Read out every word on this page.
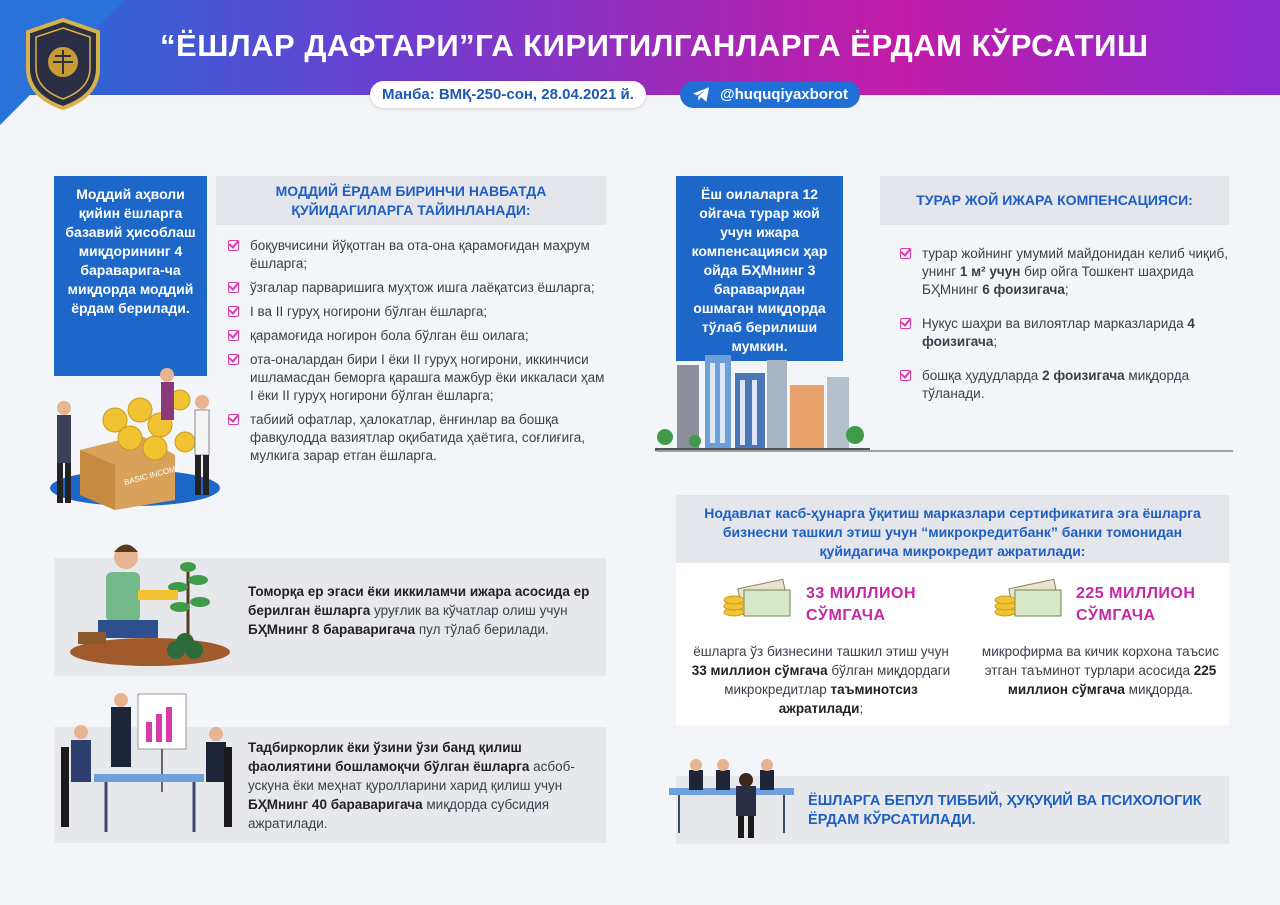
“ЁШЛАР ДАФТАРИ”ГА КИРИТИЛГАНЛАРГА ЁРДАМ КЎРСАТИШ
Манба: ВМҚ-250-сон, 28.04.2021 й.	@huquqiyaxborot
Моддий аҳволи қийин ёшларга базавий ҳисоблаш миқдорининг 4 бараварига-ча миқдорда моддий ёрдам берилади.
BASIC INCOME
МОДДИЙ ЁРДАМ БИРИНЧИ НАВБАТДА ҚУЙИДАГИЛАРГА ТАЙИНЛАНАДИ:
боқувчисини йўқотган ва ота-она қарамоғидан маҳрум ёшларга;
ўзгалар парваришига муҳтож ишга лаёқатсиз ёшларга;
I ва II гуруҳ ногирони бўлган ёшларга;
қарамоғида ногирон бола бўлган ёш оилага;
ота-оналардан бири I ёки II гуруҳ ногирони, иккинчиси ишламасдан беморга қарашга мажбур ёки иккаласи ҳам I ёки II гуруҳ ногирони бўлган ёшларга;
табиий офатлар, ҳалокатлар, ёнғинлар ва бошқа фавқулодда вазиятлар оқибатида ҳаётига, соғлиғига, мулкига зарар етган ёшларга.
Ёш оилаларга 12 ойгача турар жой учун ижара компенсацияси ҳар ойда БҲМнинг 3 бараваридан ошмаган миқдорда тўлаб берилиши мумкин.
ТУРАР ЖОЙ ИЖАРА КОМПЕНСАЦИЯСИ:
турар жойнинг умумий майдонидан келиб чиқиб, унинг 1 м² учун бир ойга Тошкент шаҳрида БҲМнинг 6 фоизигача;
Нукус шаҳри ва вилоятлар марказларида 4 фоизигача;
бошқа ҳудудларда 2 фоизигача миқдорда тўланади.
Томорқа ер эгаси ёки иккиламчи ижара асосида ер берилган ёшларга уруғлик ва кўчатлар олиш учун БҲМнинг 8 бараваригача пул тўлаб берилади.
Тадбиркорлик ёки ўзини ўзи банд қилиш фаолиятини бошламоқчи бўлган ёшларга асбоб-ускуна ёки меҳнат қуролларини харид қилиш учун БҲМнинг 40 бараваригача миқдорда субсидия ажратилади.
Нодавлат касб-ҳунарга ўқитиш марказлари сертификатига эга ёшларга бизнесни ташкил этиш учун “микрокредитбанк” банки томонидан қуйидагича микрокредит ажратилади:
33 МИЛЛИОН СЎМГАЧА
225 МИЛЛИОН СЎМГАЧА
ёшларга ўз бизнесини ташкил этиш учун 33 миллион сўмгача бўлган миқдордаги микрокредитлар таъминотсиз ажратилади;
микрофирма ва кичик корхона таъсис этган таъминот турлари асосида 225 миллион сўмгача миқдорда.
ЁШЛАРГА БЕПУЛ ТИББИЙ, ҲУҚУҚИЙ ВА ПСИХОЛОГИК ЁРДАМ КЎРСАТИЛАДИ.
